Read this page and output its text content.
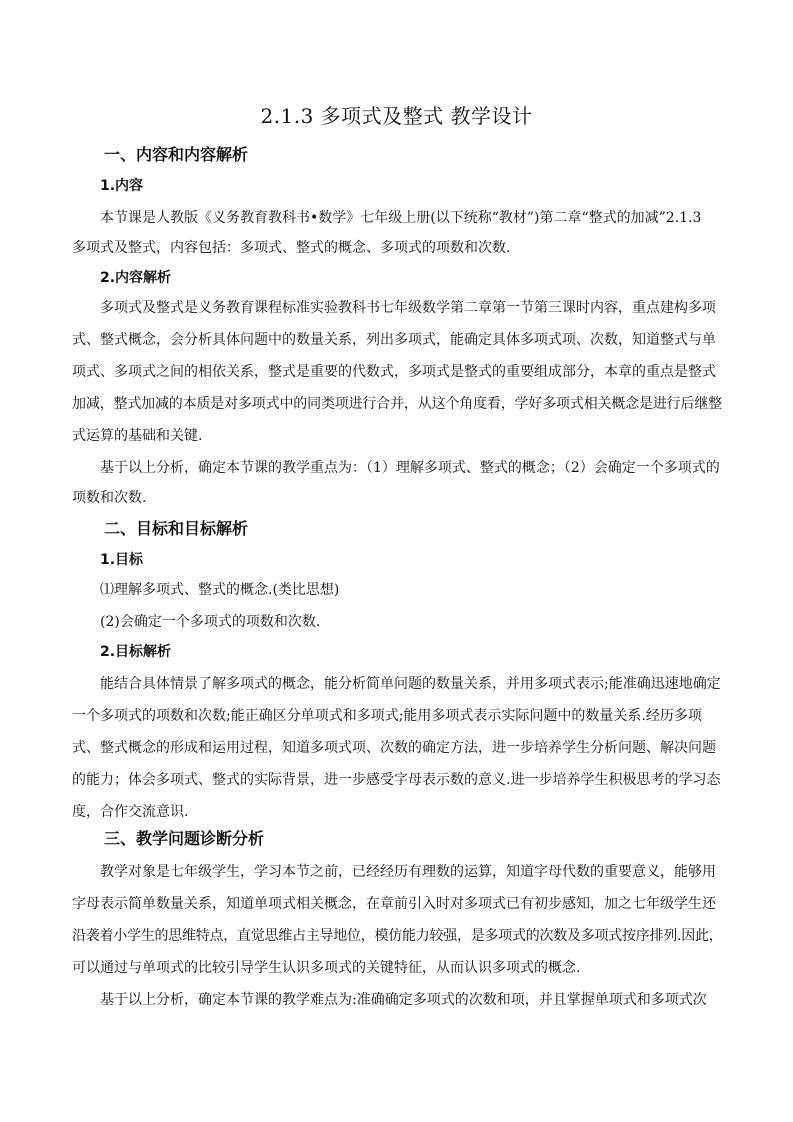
2.1.3 多项式及整式 教学设计
一、内容和内容解析
1.内容
本节课是人教版《义务教育教科书•数学》七年级上册(以下统称“教材”)第二章“整式的加减”2.1.3
多项式及整式，内容包括：多项式、整式的概念、多项式的项数和次数.
2.内容解析
多项式及整式是义务教育课程标准实验教科书七年级数学第二章第一节第三课时内容，重点建构多项
式、整式概念，会分析具体问题中的数量关系，列出多项式，能确定具体多项式项、次数，知道整式与单
项式、多项式之间的相依关系，整式是重要的代数式，多项式是整式的重要组成部分，本章的重点是整式
加减，整式加减的本质是对多项式中的同类项进行合并，从这个角度看，学好多项式相关概念是进行后继整
式运算的基础和关键.
基于以上分析，确定本节课的教学重点为：（1）理解多项式、整式的概念；（2）会确定一个多项式的
项数和次数.
二、目标和目标解析
1.目标
⑴理解多项式、整式的概念.(类比思想)
(2)会确定一个多项式的项数和次数.
2.目标解析
能结合具体情景了解多项式的概念，能分析简单问题的数量关系，并用多项式表示;能准确迅速地确定
一个多项式的项数和次数;能正确区分单项式和多项式;能用多项式表示实际问题中的数量关系.经历多项
式、整式概念的形成和运用过程，知道多项式项、次数的确定方法，进一步培养学生分析问题、解决问题
的能力；体会多项式、整式的实际背景，进一步感受字母表示数的意义.进一步培养学生积极思考的学习态
度，合作交流意识.
三、教学问题诊断分析
教学对象是七年级学生，学习本节之前，已经经历有理数的运算，知道字母代数的重要意义，能够用
字母表示简单数量关系，知道单项式相关概念，在章前引入时对多项式已有初步感知，加之七年级学生还
沿袭着小学生的思维特点，直觉思维占主导地位，模仿能力较强，是多项式的次数及多项式按序排列.因此，
可以通过与单项式的比较引导学生认识多项式的关键特征，从而认识多项式的概念.
基于以上分析，确定本节课的教学难点为:准确确定多项式的次数和项，并且掌握单项式和多项式次
